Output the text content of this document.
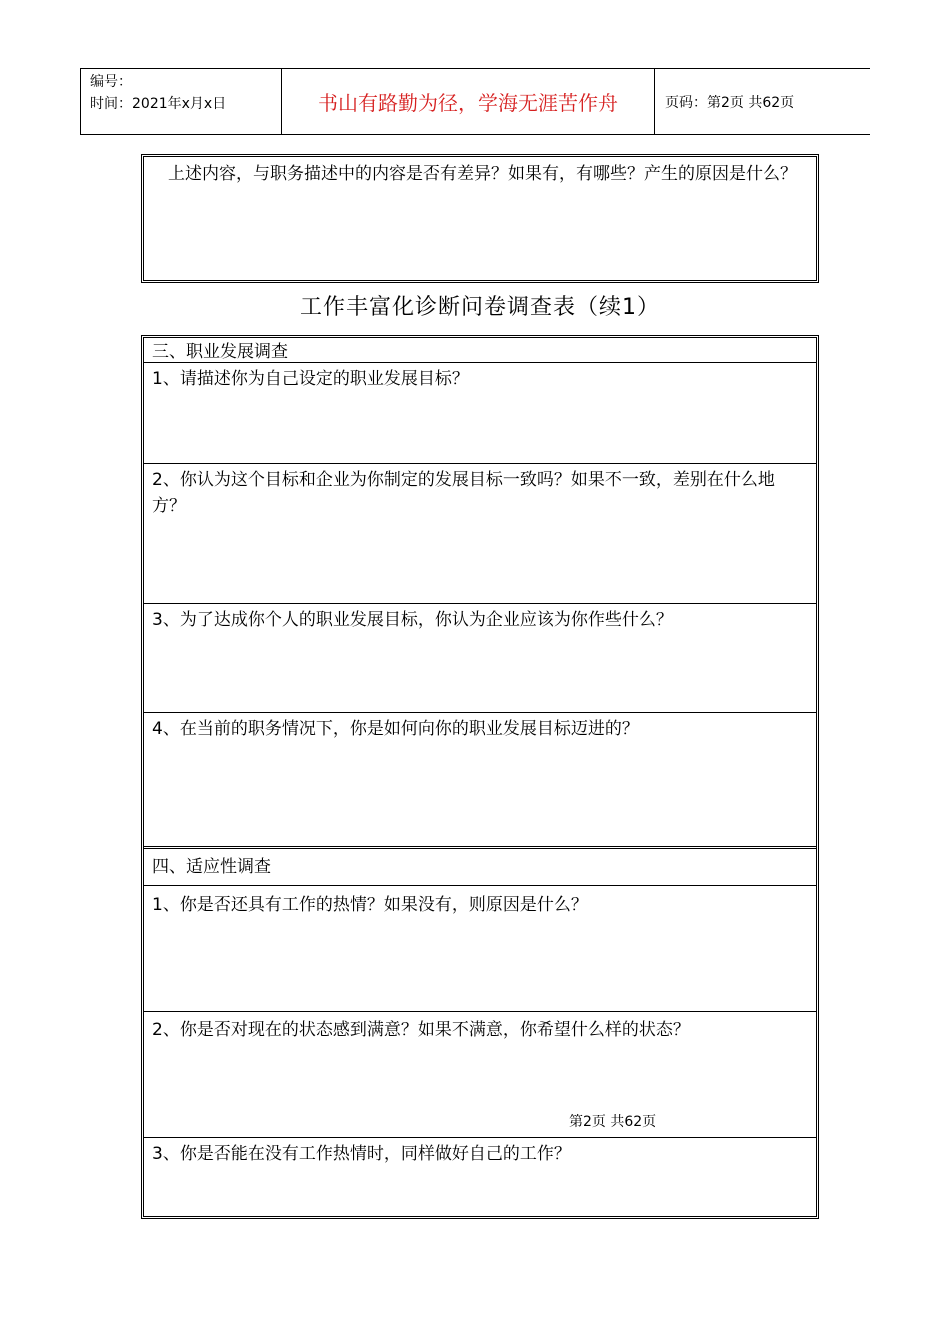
编号：
时间：2021年x月x日	书山有路勤为径，学海无涯苦作舟	页码：第2页 共62页
上述内容，与职务描述中的内容是否有差异？如果有，有哪些？产生的原因是什么？
工作丰富化诊断问卷调查表（续1）
三、职业发展调查
1、请描述你为自己设定的职业发展目标？
2、你认为这个目标和企业为你制定的发展目标一致吗？如果不一致，差别在什么地方？
3、为了达成你个人的职业发展目标，你认为企业应该为你作些什么？
4、在当前的职务情况下，你是如何向你的职业发展目标迈进的？
四、适应性调查
1、你是否还具有工作的热情？如果没有，则原因是什么？
2、你是否对现在的状态感到满意？如果不满意，你希望什么样的状态？
第2页 共62页
3、你是否能在没有工作热情时，同样做好自己的工作？
